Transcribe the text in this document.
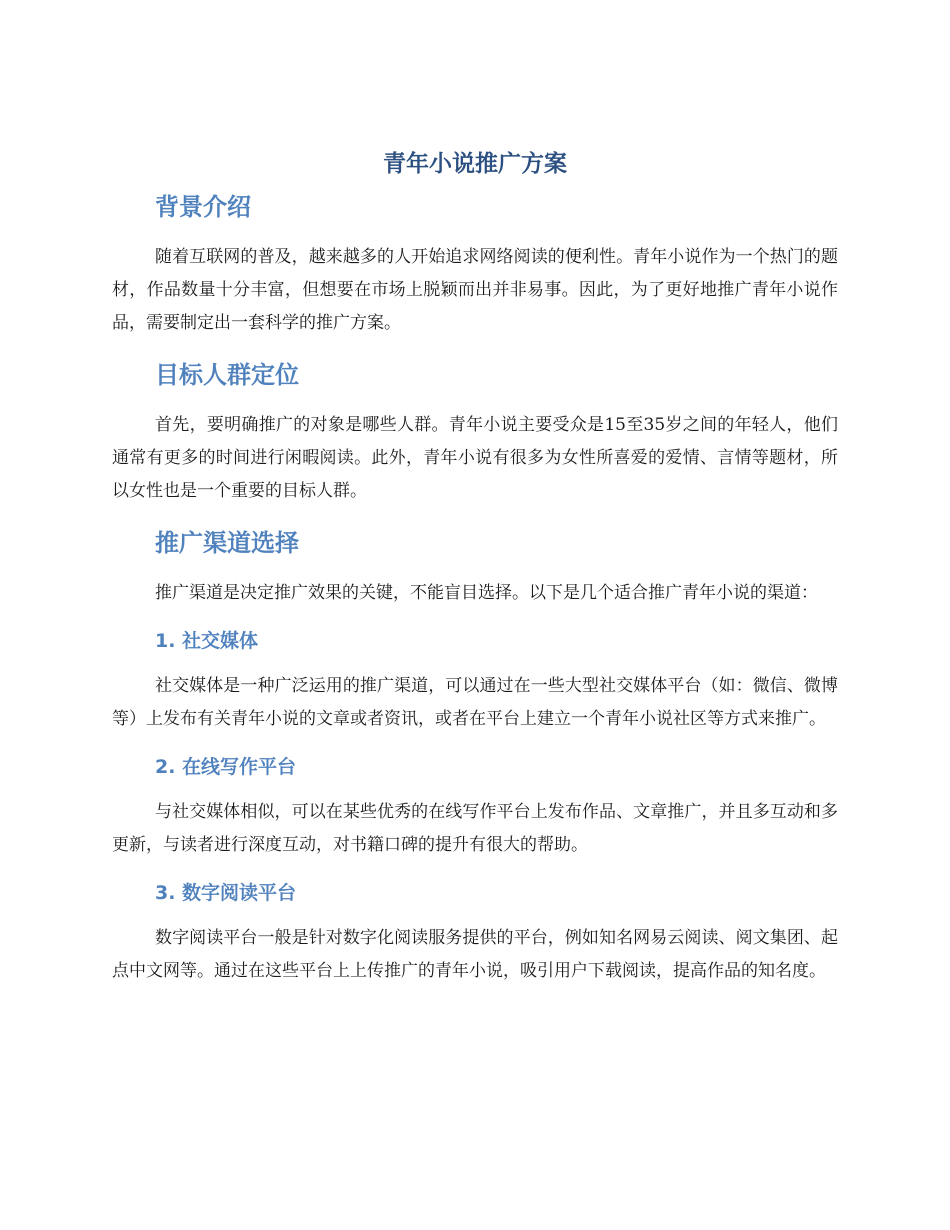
青年小说推广方案
背景介绍

随着互联网的普及，越来越多的人开始追求网络阅读的便利性。青年小说作为一个热门的题材，作品数量十分丰富，但想要在市场上脱颖而出并非易事。因此，为了更好地推广青年小说作品，需要制定出一套科学的推广方案。

目标人群定位

首先，要明确推广的对象是哪些人群。青年小说主要受众是15至35岁之间的年轻人，他们通常有更多的时间进行闲暇阅读。此外，青年小说有很多为女性所喜爱的爱情、言情等题材，所以女性也是一个重要的目标人群。

推广渠道选择

推广渠道是决定推广效果的关键，不能盲目选择。以下是几个适合推广青年小说的渠道：

1. 社交媒体

社交媒体是一种广泛运用的推广渠道，可以通过在一些大型社交媒体平台（如：微信、微博等）上发布有关青年小说的文章或者资讯，或者在平台上建立一个青年小说社区等方式来推广。

2. 在线写作平台

与社交媒体相似，可以在某些优秀的在线写作平台上发布作品、文章推广，并且多互动和多更新，与读者进行深度互动，对书籍口碑的提升有很大的帮助。

3. 数字阅读平台

数字阅读平台一般是针对数字化阅读服务提供的平台，例如知名网易云阅读、阅文集团、起点中文网等。通过在这些平台上上传推广的青年小说，吸引用户下载阅读，提高作品的知名度。
